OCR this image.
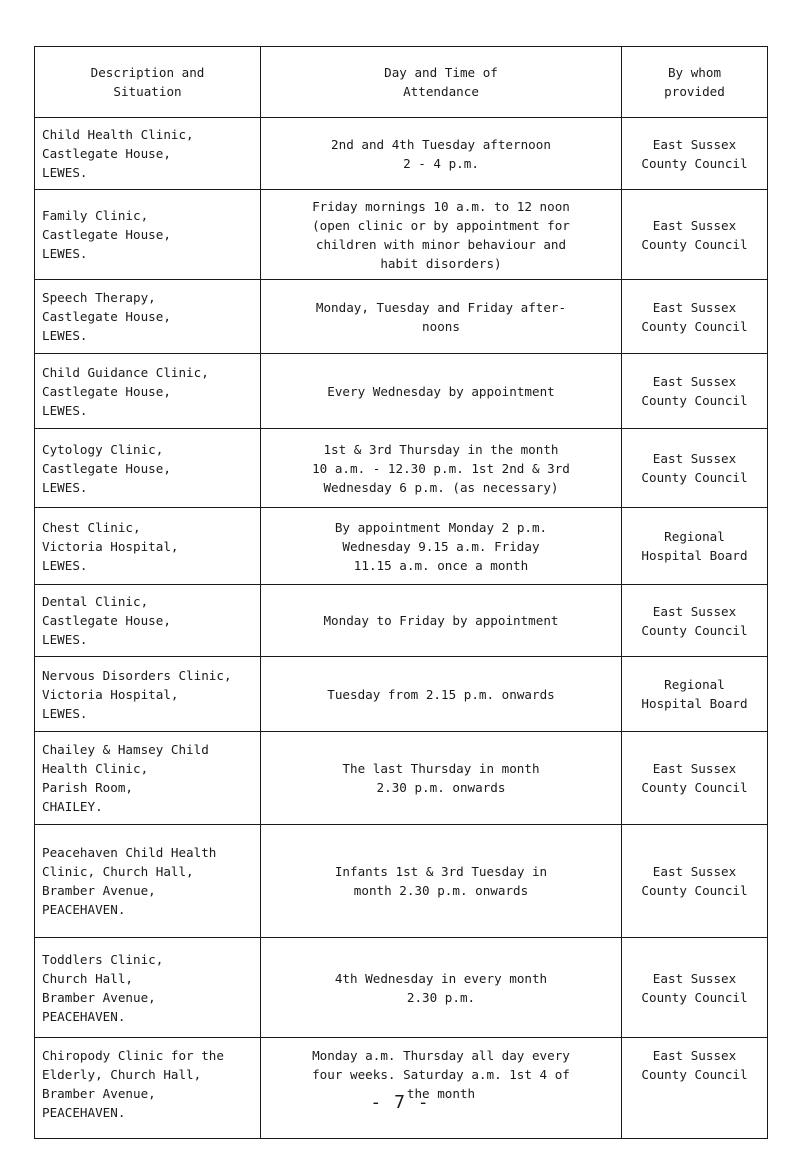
Description and
Situation	Day and Time of
Attendance	By whom
provided

Child Health Clinic,
Castlegate House,
LEWES.	2nd and 4th Tuesday afternoon
2 - 4 p.m.	East Sussex
County Council

Family Clinic,
Castlegate House,
LEWES.	Friday mornings 10 a.m. to 12 noon
(open clinic or by appointment for
children with minor behaviour and
habit disorders)	East Sussex
County Council

Speech Therapy,
Castlegate House,
LEWES.	Monday, Tuesday and Friday after-
noons	East Sussex
County Council

Child Guidance Clinic,
Castlegate House,
LEWES.	Every Wednesday by appointment	East Sussex
County Council

Cytology Clinic,
Castlegate House,
LEWES.	1st & 3rd Thursday in the month
10 a.m. - 12.30 p.m. 1st 2nd & 3rd
Wednesday 6 p.m. (as necessary)	East Sussex
County Council

Chest Clinic,
Victoria Hospital,
LEWES.	By appointment Monday 2 p.m.
Wednesday 9.15 a.m. Friday
11.15 a.m. once a month	Regional
Hospital Board

Dental Clinic,
Castlegate House,
LEWES.	Monday to Friday by appointment	East Sussex
County Council

Nervous Disorders Clinic,
Victoria Hospital,
LEWES.	Tuesday from 2.15 p.m. onwards	Regional
Hospital Board

Chailey & Hamsey Child
Health Clinic,
Parish Room,
CHAILEY.	The last Thursday in month
2.30 p.m. onwards	East Sussex
County Council

Peacehaven Child Health
Clinic, Church Hall,
Bramber Avenue,
PEACEHAVEN.	Infants 1st & 3rd Tuesday in
month 2.30 p.m. onwards	East Sussex
County Council

Toddlers Clinic,
Church Hall,
Bramber Avenue,
PEACEHAVEN.	4th Wednesday in every month
2.30 p.m.	East Sussex
County Council

Chiropody Clinic for the
Elderly, Church Hall,
Bramber Avenue,
PEACEHAVEN.	Monday a.m. Thursday all day every
four weeks. Saturday a.m. 1st 4 of
the month	East Sussex
County Council
- 7 -
